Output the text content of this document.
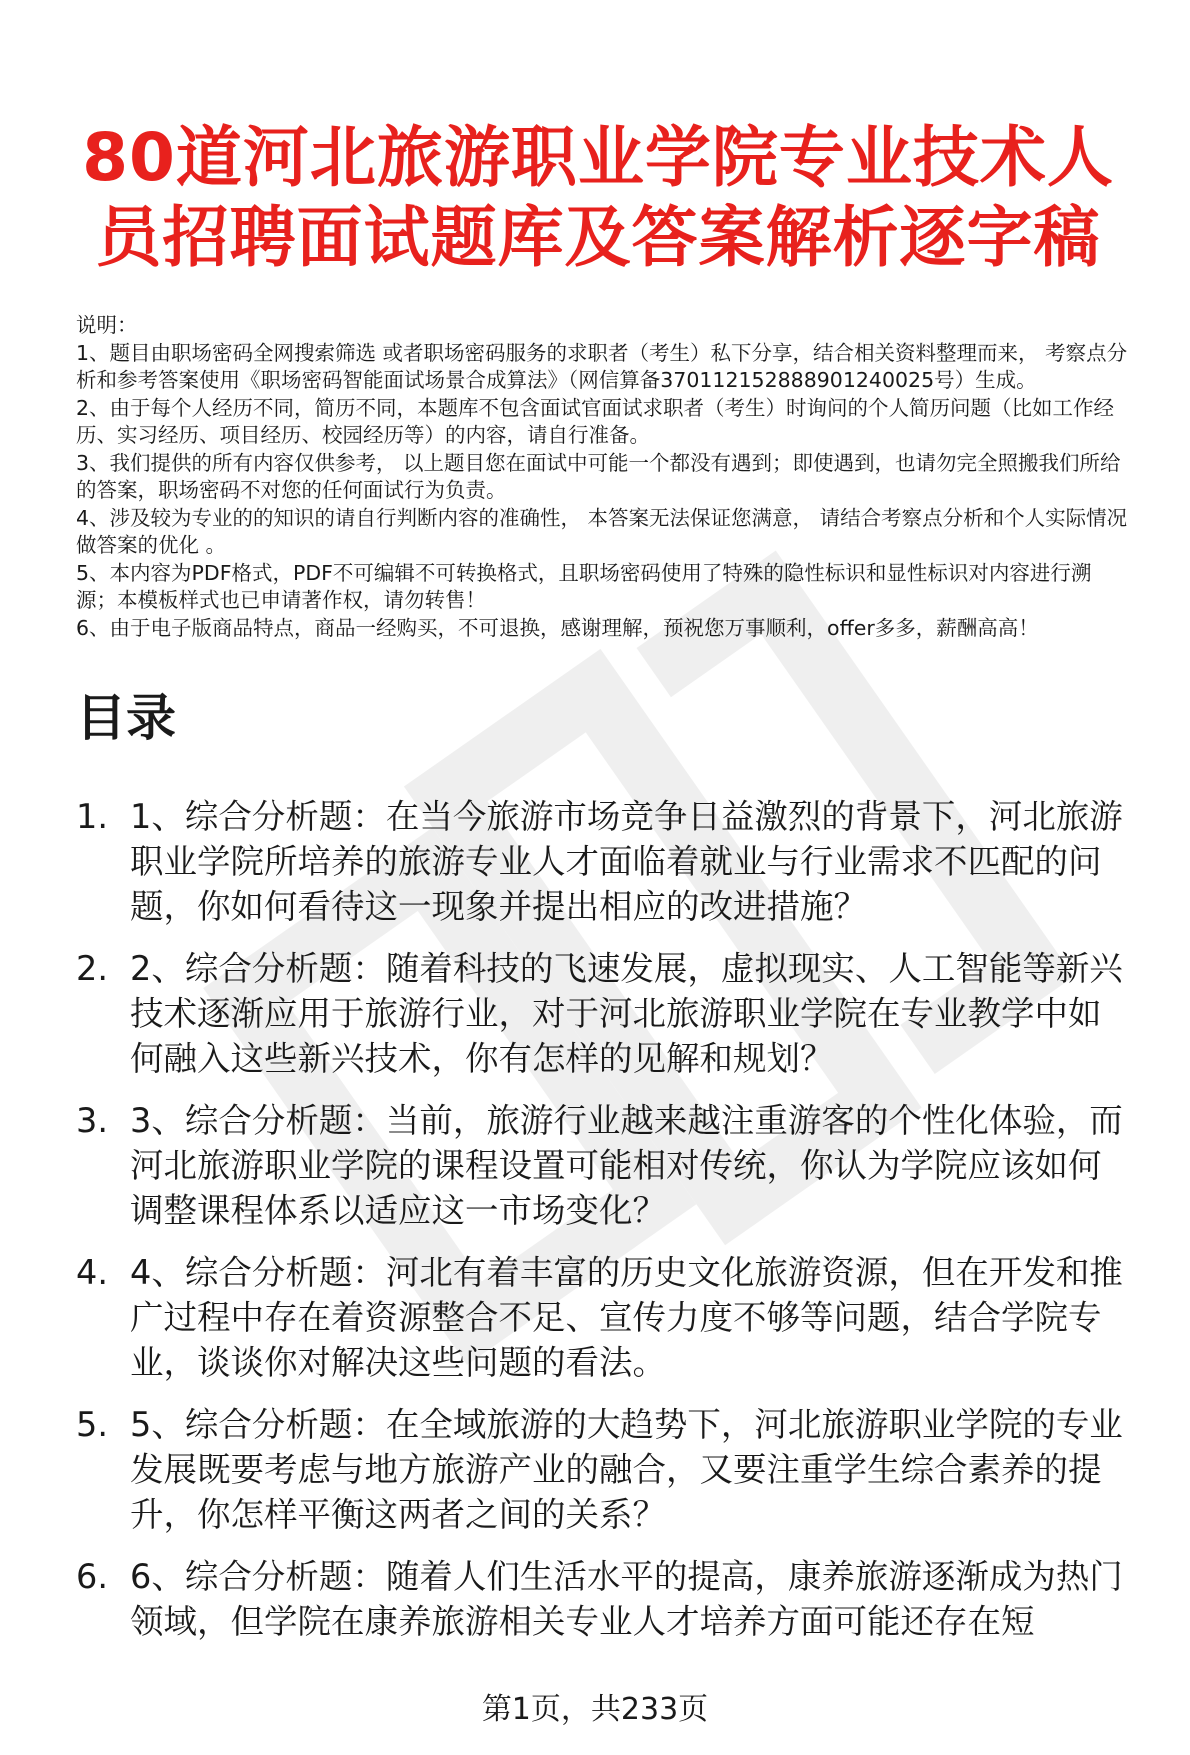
80道河北旅游职业学院专业技术人
员招聘面试题库及答案解析逐字稿

说明：

1、题目由职场密码全网搜索筛选 或者职场密码服务的求职者（考生）私下分享，结合相关资料整理而来， 考察点分析和参考答案使用《职场密码智能面试场景合成算法》（网信算备370112152888901240025号）生成。

2、由于每个人经历不同，简历不同，本题库不包含面试官面试求职者（考生）时询问的个人简历问题（比如工作经历、实习经历、项目经历、校园经历等）的内容，请自行准备。

3、我们提供的所有内容仅供参考， 以上题目您在面试中可能一个都没有遇到；即使遇到，也请勿完全照搬我们所给的答案，职场密码不对您的任何面试行为负责。

4、涉及较为专业的的知识的请自行判断内容的准确性， 本答案无法保证您满意， 请结合考察点分析和个人实际情况做答案的优化 。

5、本内容为PDF格式，PDF不可编辑不可转换格式，且职场密码使用了特殊的隐性标识和显性标识对内容进行溯源；本模板样式也已申请著作权，请勿转售！

6、由于电子版商品特点，商品一经购买，不可退换，感谢理解，预祝您万事顺利，offer多多，薪酬高高！

目录
1. 1、综合分析题：在当今旅游市场竞争日益激烈的背景下，河北旅游职业学院所培养的旅游专业人才面临着就业与行业需求不匹配的问题，你如何看待这一现象并提出相应的改进措施？
2. 2、综合分析题：随着科技的飞速发展，虚拟现实、人工智能等新兴技术逐渐应用于旅游行业，对于河北旅游职业学院在专业教学中如何融入这些新兴技术，你有怎样的见解和规划？
3. 3、综合分析题：当前，旅游行业越来越注重游客的个性化体验，而河北旅游职业学院的课程设置可能相对传统，你认为学院应该如何调整课程体系以适应这一市场变化？
4. 4、综合分析题：河北有着丰富的历史文化旅游资源，但在开发和推广过程中存在着资源整合不足、宣传力度不够等问题，结合学院专业，谈谈你对解决这些问题的看法。
5. 5、综合分析题：在全域旅游的大趋势下，河北旅游职业学院的专业发展既要考虑与地方旅游产业的融合，又要注重学生综合素养的提升，你怎样平衡这两者之间的关系？
6. 6、综合分析题：随着人们生活水平的提高，康养旅游逐渐成为热门领域，但学院在康养旅游相关专业人才培养方面可能还存在短
第1页，共233页
